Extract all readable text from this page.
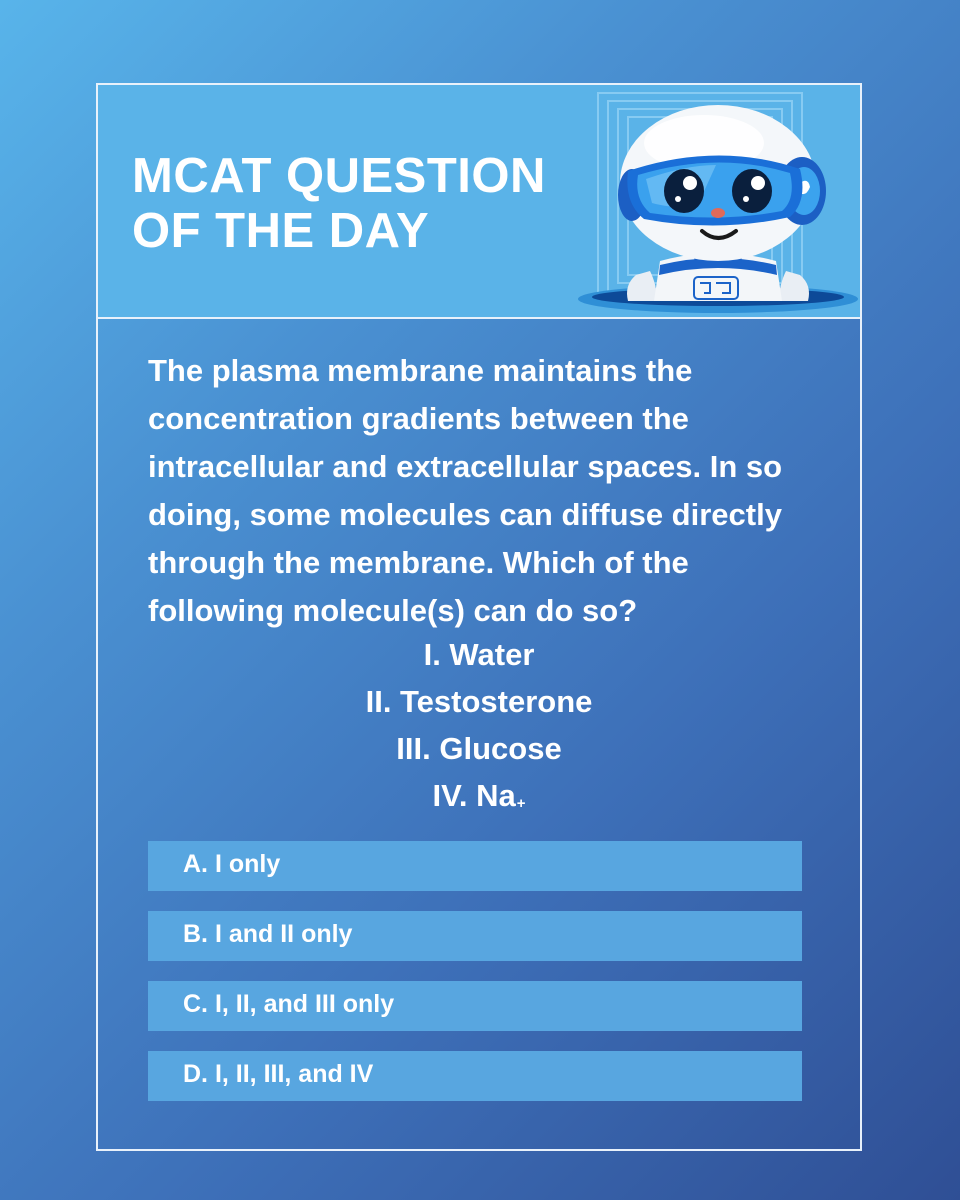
MCAT QUESTION OF THE DAY

The plasma membrane maintains the concentration gradients between the intracellular and extracellular spaces. In so doing, some molecules can diffuse directly through the membrane. Which of the following molecule(s) can do so?

I. Water
II. Testosterone
III. Glucose
IV. Na+
A. I only
B. I and II only
C. I, II, and III only
D. I, II, III, and IV
